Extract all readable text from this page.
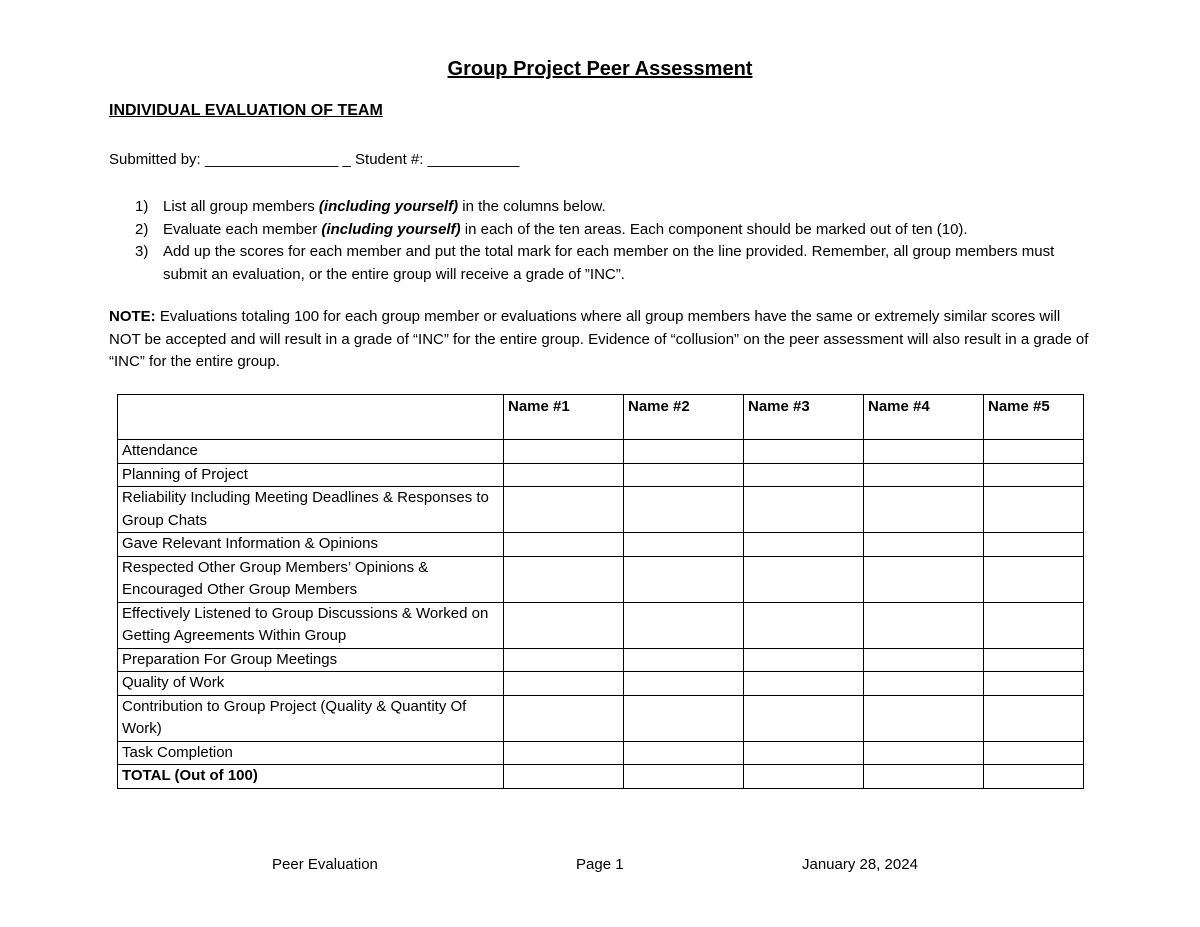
Group Project Peer Assessment
INDIVIDUAL EVALUATION OF TEAM
Submitted by: ________________ _ Student #: ___________
1) List all group members (including yourself) in the columns below.
2) Evaluate each member (including yourself) in each of the ten areas. Each component should be marked out of ten (10).
3) Add up the scores for each member and put the total mark for each member on the line provided. Remember, all group members must submit an evaluation, or the entire group will receive a grade of ”INC”.
NOTE: Evaluations totaling 100 for each group member or evaluations where all group members have the same or extremely similar scores will NOT be accepted and will result in a grade of “INC” for the entire group. Evidence of “collusion” on the peer assessment will also result in a grade of “INC” for the entire group.
	Name #1	Name #2	Name #3	Name #4	Name #5
Attendance					
Planning of Project					
Reliability Including Meeting Deadlines & Responses to Group Chats					
Gave Relevant Information & Opinions					
Respected Other Group Members’ Opinions & Encouraged Other Group Members					
Effectively Listened to Group Discussions & Worked on Getting Agreements Within Group					
Preparation For Group Meetings					
Quality of Work					
Contribution to Group Project (Quality & Quantity Of Work)					
Task Completion					
TOTAL (Out of 100)					
Peer Evaluation	Page 1	January 28, 2024
